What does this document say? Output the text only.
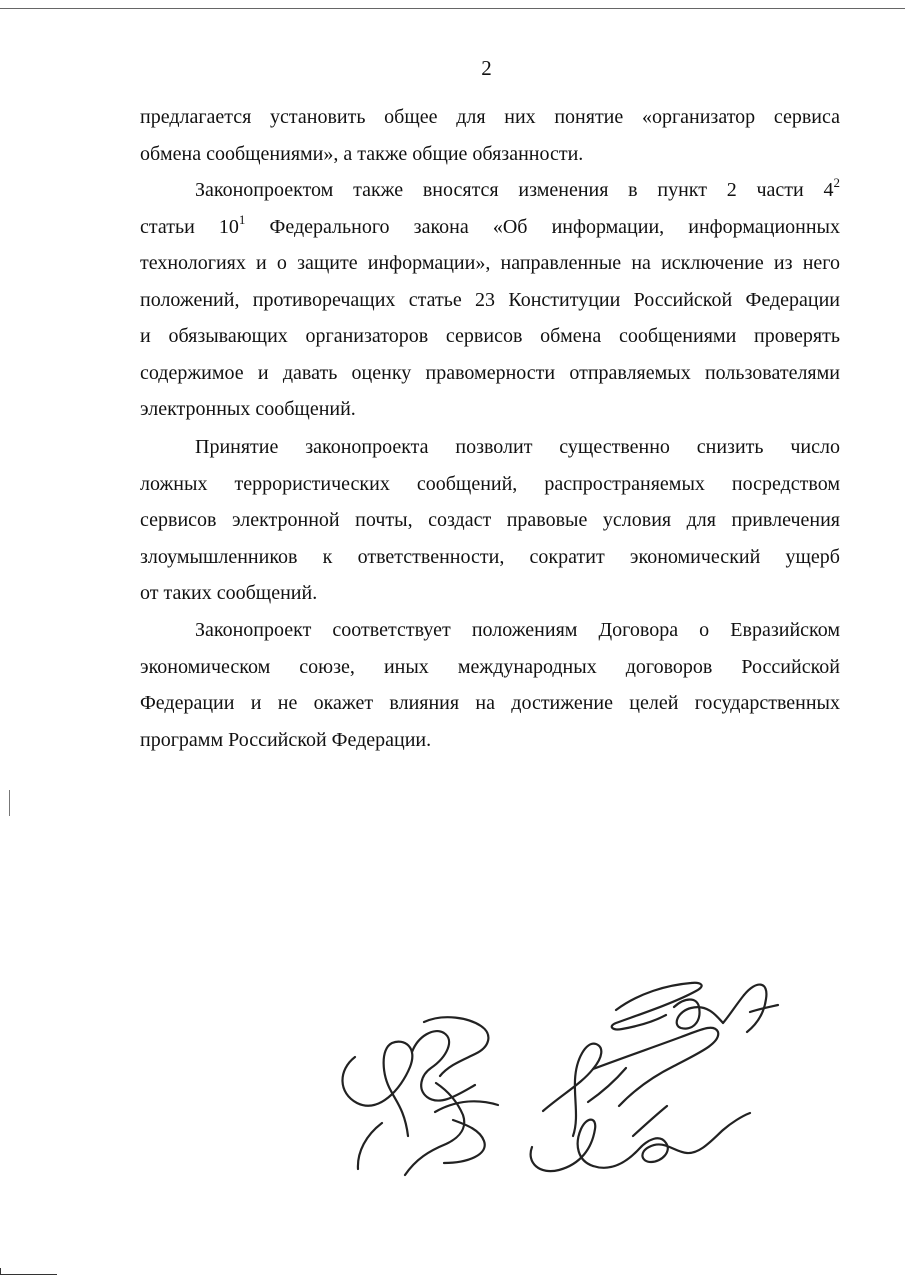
2
предлагается установить общее для них понятие «организатор сервиса
обмена сообщениями», а также общие обязанности.
Законопроектом также вносятся изменения в пункт 2 части $4^2$
статьи $10^1$ Федерального закона «Об информации, информационных
технологиях и о защите информации», направленные на исключение из него
положений, противоречащих статье 23 Конституции Российской Федерации
и обязывающих организаторов сервисов обмена сообщениями проверять
содержимое и давать оценку правомерности отправляемых пользователями
электронных сообщений.
Принятие законопроекта позволит существенно снизить число
ложных террористических сообщений, распространяемых посредством
сервисов электронной почты, создаст правовые условия для привлечения
злоумышленников к ответственности, сократит экономический ущерб
от таких сообщений.
Законопроект соответствует положениям Договора о Евразийском
экономическом союзе, иных международных договоров Российской
Федерации и не окажет влияния на достижение целей государственных
программ Российской Федерации.
